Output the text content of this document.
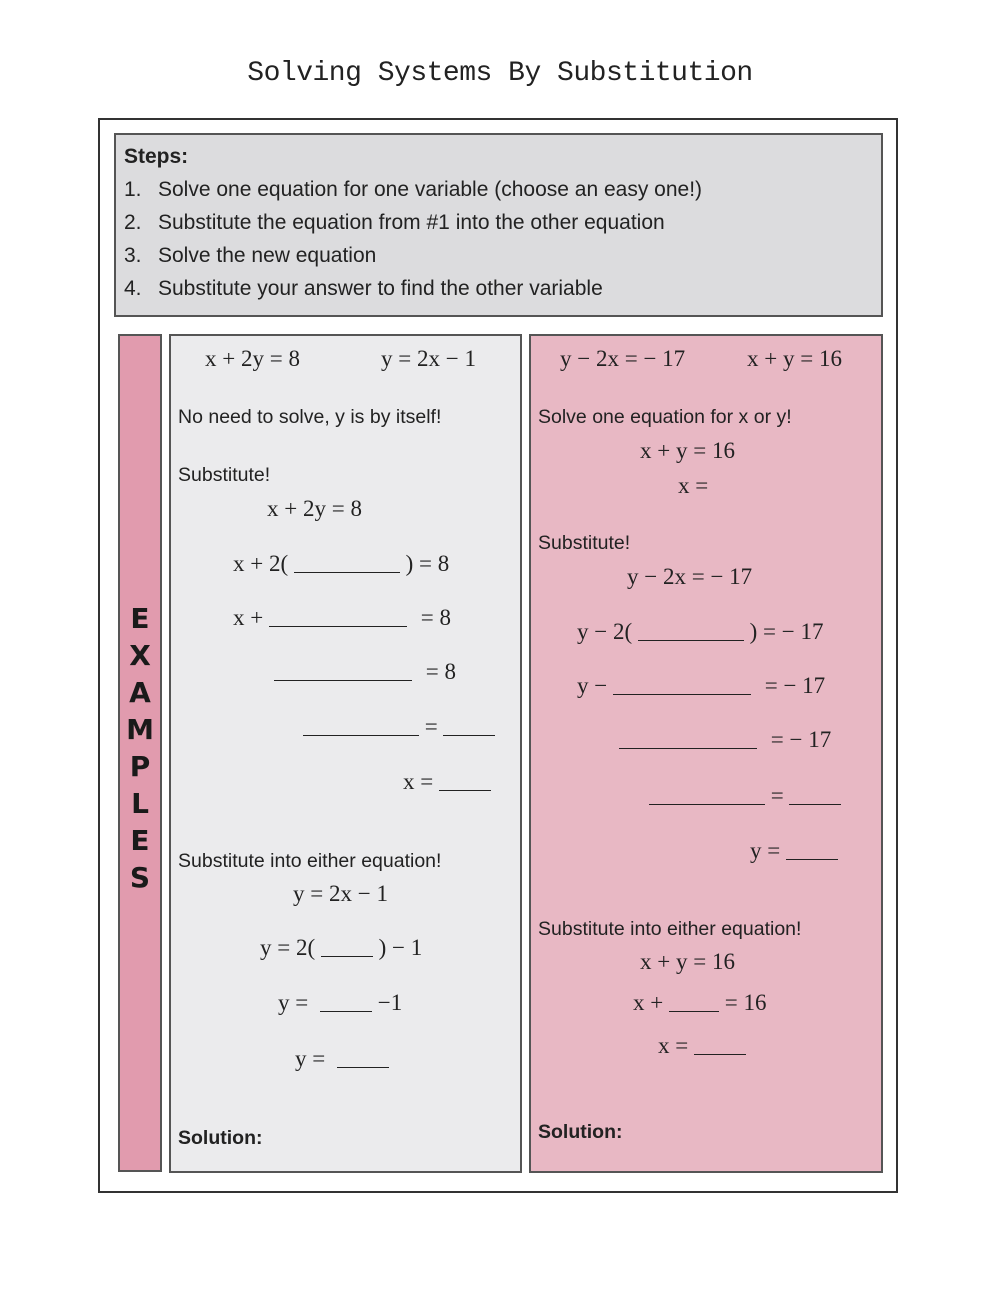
Solving Systems By Substitution
Steps:
1. Solve one equation for one variable (choose an easy one!)
2. Substitute the equation from #1 into the other equation
3. Solve the new equation
4. Substitute your answer to find the other variable
E
X
A
M
P
L
E
S
x + 2y = 8	y = 2x − 1
No need to solve, y is by itself!
Substitute!
x + 2y = 8
x + 2(	) = 8
x +	= 8
= 8
=
x =
Substitute into either equation!
y = 2x − 1
y = 2(	) − 1
y =	−1
y =
Solution:
y − 2x = − 17	x + y = 16
Solve one equation for x or y!
x + y = 16
x =
Substitute!
y − 2x = − 17
y − 2(	) = − 17
y −	= − 17
= − 17
=
y =
Substitute into either equation!
x + y = 16
x +	= 16
x =
Solution:
